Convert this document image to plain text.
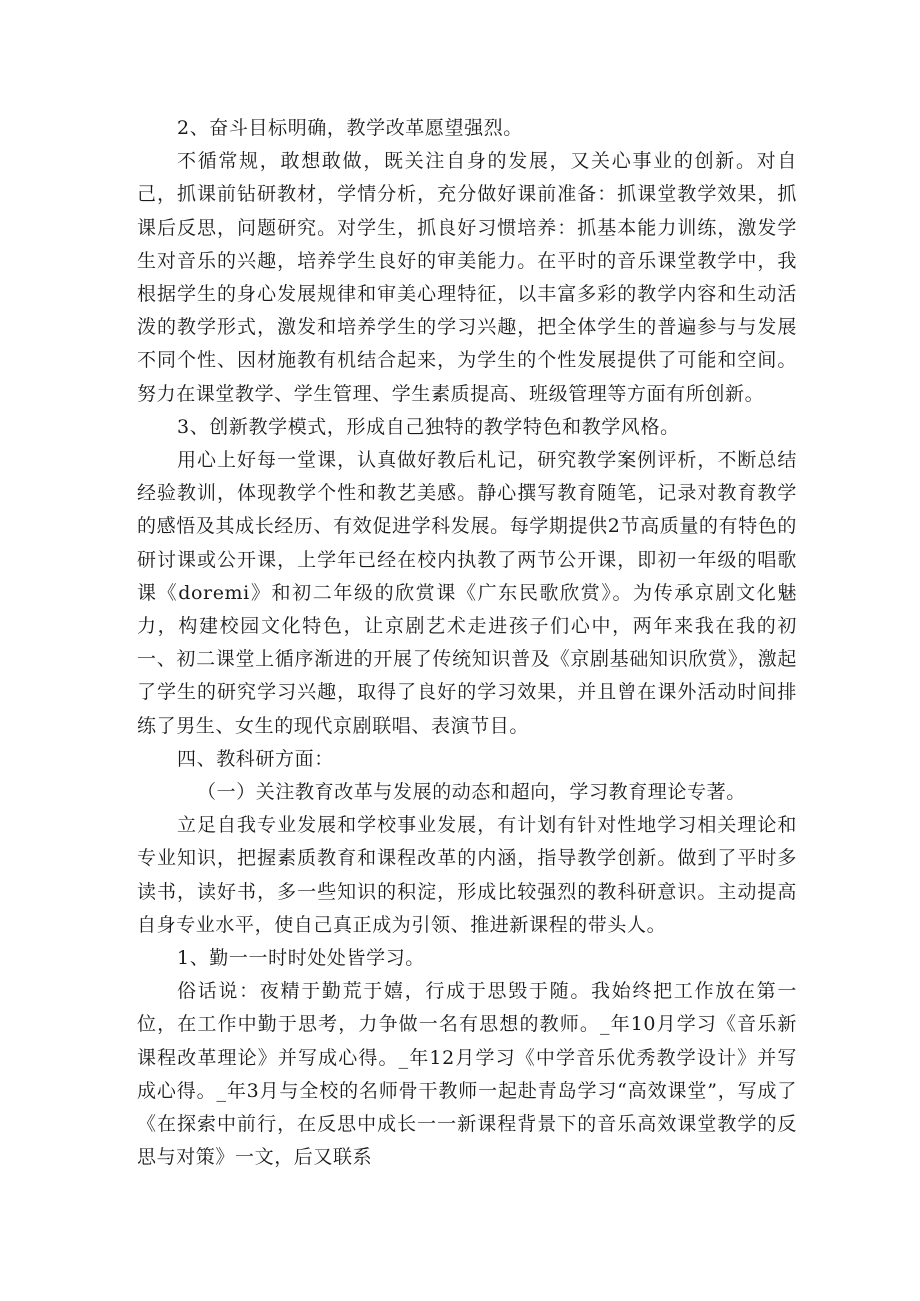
2、奋斗目标明确，教学改革愿望强烈。

不循常规，敢想敢做，既关注自身的发展，又关心事业的创新。对自己，抓课前钻研教材，学情分析，充分做好课前准备：抓课堂教学效果，抓课后反思，问题研究。对学生，抓良好习惯培养：抓基本能力训练，激发学生对音乐的兴趣，培养学生良好的审美能力。在平时的音乐课堂教学中，我根据学生的身心发展规律和审美心理特征，以丰富多彩的教学内容和生动活泼的教学形式，激发和培养学生的学习兴趣，把全体学生的普遍参与与发展不同个性、因材施教有机结合起来，为学生的个性发展提供了可能和空间。努力在课堂教学、学生管理、学生素质提高、班级管理等方面有所创新。

3、创新教学模式，形成自己独特的教学特色和教学风格。

用心上好每一堂课，认真做好教后札记，研究教学案例评析，不断总结经验教训，体现教学个性和教艺美感。静心撰写教育随笔，记录对教育教学的感悟及其成长经历、有效促进学科发展。每学期提供2节高质量的有特色的研讨课或公开课，上学年已经在校内执教了两节公开课，即初一年级的唱歌课《doremi》和初二年级的欣赏课《广东民歌欣赏》。为传承京剧文化魅力，构建校园文化特色，让京剧艺术走进孩子们心中，两年来我在我的初一、初二课堂上循序渐进的开展了传统知识普及《京剧基础知识欣赏》，激起了学生的研究学习兴趣，取得了良好的学习效果，并且曾在课外活动时间排练了男生、女生的现代京剧联唱、表演节目。

四、教科研方面：

（一）关注教育改革与发展的动态和超向，学习教育理论专著。

立足自我专业发展和学校事业发展，有计划有针对性地学习相关理论和专业知识，把握素质教育和课程改革的内涵，指导教学创新。做到了平时多读书，读好书，多一些知识的积淀，形成比较强烈的教科研意识。主动提高自身专业水平，使自己真正成为引领、推进新课程的带头人。

1、勤一一时时处处皆学习。

俗话说：夜精于勤荒于嬉，行成于思毁于随。我始终把工作放在第一位，在工作中勤于思考，力争做一名有思想的教师。_年10月学习《音乐新课程改革理论》并写成心得。_年12月学习《中学音乐优秀教学设计》并写成心得。_年3月与全校的名师骨干教师一起赴青岛学习“高效课堂”，写成了《在探索中前行，在反思中成长一一新课程背景下的音乐高效课堂教学的反思与对策》一文，后又联系
